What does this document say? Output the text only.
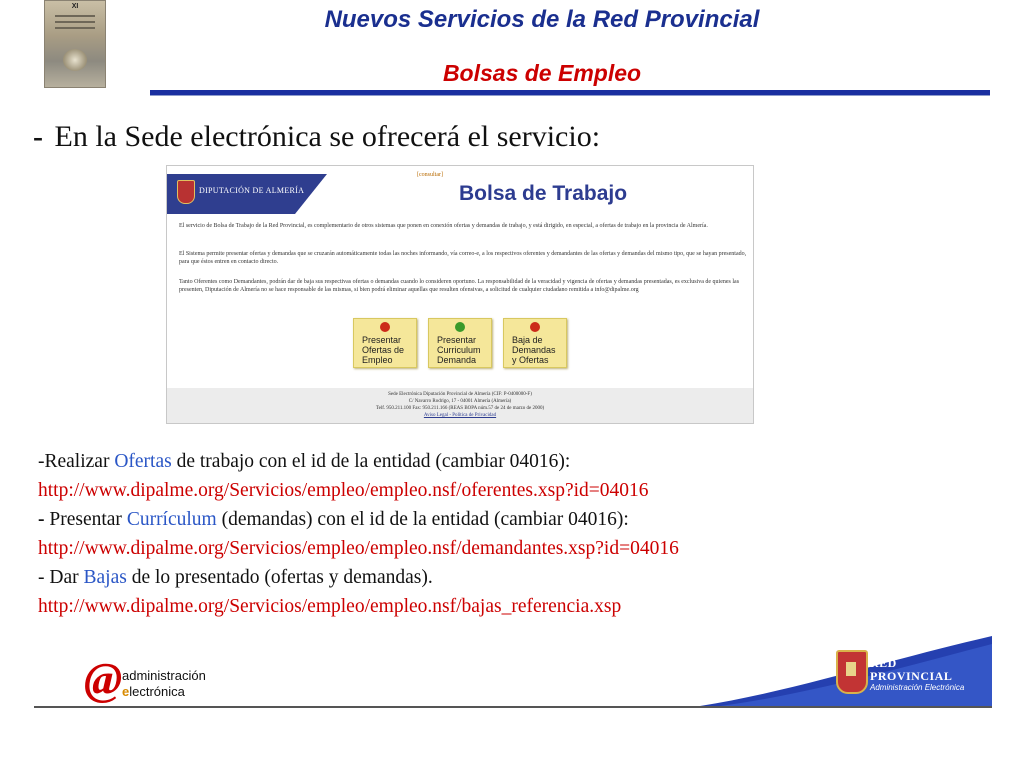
XI	Nuevos Servicios de la Red Provincial
Bolsas de Empleo
- En la Sede electrónica se ofrecerá el servicio:
DIPUTACIÓN DE ALMERÍA
[consultar]
Bolsa de Trabajo
El servicio de Bolsa de Trabajo de la Red Provincial, es complementario de otros sistemas que ponen en conexión ofertas y demandas de trabajo, y está dirigido, en especial, a ofertas de trabajo en la provincia de Almería.
El Sistema permite presentar ofertas y demandas que se cruzarán automáticamente todas las noches informando, vía correo-e, a los respectivos oferentes y demandantes de las ofertas y demandas del mismo tipo, que se hayan presentado, para que éstos entren en contacto directo.
Tanto Oferentes como Demandantes, podrán dar de baja sus respectivas ofertas o demandas cuando lo consideren oportuno. La responsabilidad de la veracidad y vigencia de ofertas y demandas presentadas, es exclusiva de quienes las presenten, Diputación de Almería no se hace responsable de las mismas, si bien podrá eliminar aquellas que resulten ofensivas, a solicitud de cualquier ciudadano remitida a info@dipalme.org
Presentar
Ofertas de
Empleo
Presentar
Curriculum
Demanda
Baja de
Demandas
y Ofertas
Sede Electrónica Diputación Provincial de Almería (CIF: P-0400000-F)
C/ Navarro Rodrigo, 17 - 04001 Almería (Almería)
Telf. 950.211.100 Fax: 950.211.166 (REAS BOPA núm.57 de 24 de marzo de 2000)
Aviso Legal - Política de Privacidad
-Realizar Ofertas de trabajo con el id de la entidad (cambiar 04016):
http://www.dipalme.org/Servicios/empleo/empleo.nsf/oferentes.xsp?id=04016
- Presentar Currículum (demandas) con el id de la entidad (cambiar 04016):
http://www.dipalme.org/Servicios/empleo/empleo.nsf/demandantes.xsp?id=04016
- Dar Bajas de lo presentado (ofertas y demandas).
http://www.dipalme.org/Servicios/empleo/empleo.nsf/bajas_referencia.xsp
@ administración
electrónica
RED
PROVINCIAL
Administración Electrónica
